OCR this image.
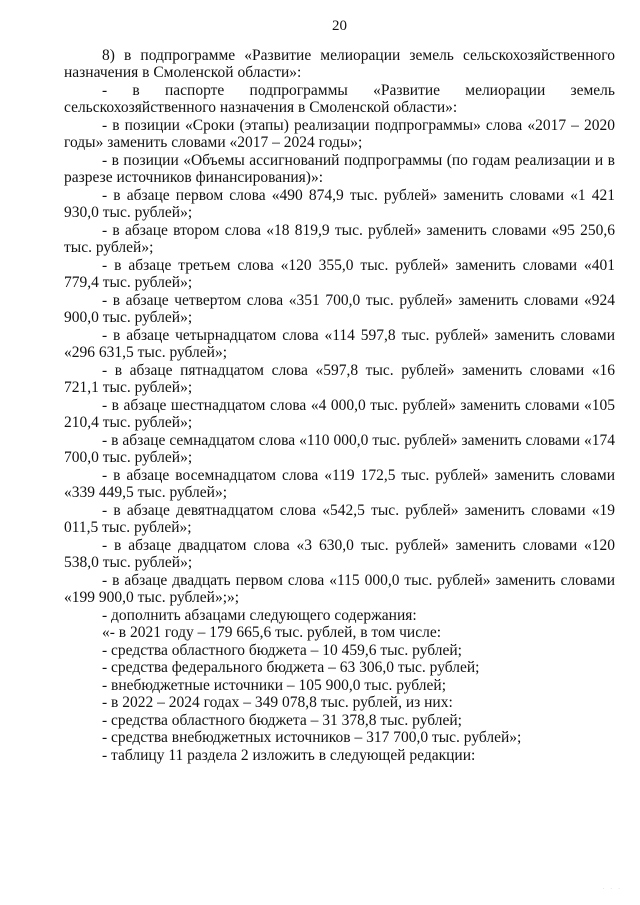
20

8) в подпрограмме «Развитие мелиорации земель сельскохозяйственного назначения в Смоленской области»:

- в паспорте подпрограммы «Развитие мелиорации земель

сельскохозяйственного назначения в Смоленской области»:

- в позиции «Сроки (этапы) реализации подпрограммы» слова «2017 – 2020 годы» заменить словами «2017 – 2024 годы»;

- в позиции «Объемы ассигнований подпрограммы (по годам реализации и в разрезе источников финансирования)»:

- в абзаце первом слова «490 874,9 тыс. рублей» заменить словами «1 421 930,0 тыс. рублей»;

- в абзаце втором слова «18 819,9 тыс. рублей» заменить словами «95 250,6 тыс. рублей»;

- в абзаце третьем слова «120 355,0 тыс. рублей» заменить словами «401 779,4 тыс. рублей»;

- в абзаце четвертом слова «351 700,0 тыс. рублей» заменить словами «924 900,0 тыс. рублей»;

- в абзаце четырнадцатом слова «114 597,8 тыс. рублей» заменить словами «296 631,5 тыс. рублей»;

- в абзаце пятнадцатом слова «597,8 тыс. рублей» заменить словами «16 721,1 тыс. рублей»;

- в абзаце шестнадцатом слова «4 000,0 тыс. рублей» заменить словами «105 210,4 тыс. рублей»;

- в абзаце семнадцатом слова «110 000,0 тыс. рублей» заменить словами «174 700,0 тыс. рублей»;

- в абзаце восемнадцатом слова «119 172,5 тыс. рублей» заменить словами «339 449,5 тыс. рублей»;

- в абзаце девятнадцатом слова «542,5 тыс. рублей» заменить словами «19 011,5 тыс. рублей»;

- в абзаце двадцатом слова «3 630,0 тыс. рублей» заменить словами «120 538,0 тыс. рублей»;

- в абзаце двадцать первом слова «115 000,0 тыс. рублей» заменить словами «199 900,0 тыс. рублей»;»;

- дополнить абзацами следующего содержания:

«- в 2021 году – 179 665,6 тыс. рублей, в том числе:

- средства областного бюджета – 10 459,6 тыс. рублей;

- средства федерального бюджета – 63 306,0 тыс. рублей;

- внебюджетные источники – 105 900,0 тыс. рублей;

- в 2022 – 2024 годах – 349 078,8 тыс. рублей, из них:

- средства областного бюджета – 31 378,8 тыс. рублей;

- средства внебюджетных источников – 317 700,0 тыс. рублей»;

- таблицу 11 раздела 2 изложить в следующей редакции:

· · ·
